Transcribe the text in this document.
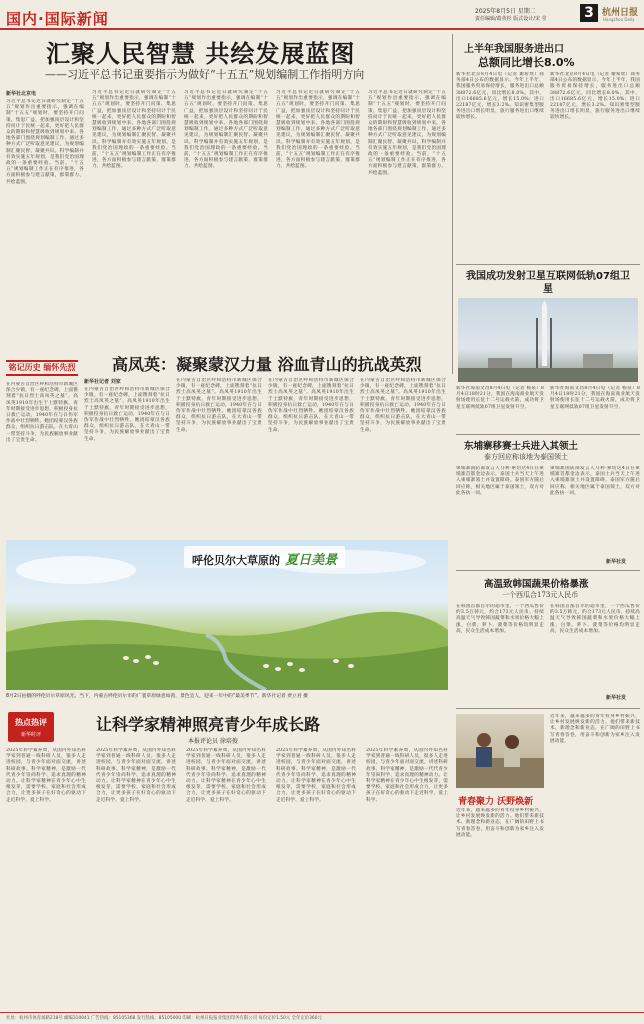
国内·国际新闻	2025年8月5日 星期二
责任编辑/葛英杉 版式设计/宋 莹	3 杭州日报
Hangzhou Daily
汇聚人民智慧 共绘发展蓝图
——习近平总书记重要指示为做好“十五五”规划编制工作指明方向
新华社北京电
习近平总书记近日就研究制定“十五五”规划作出重要指示，强调在编制“十五五”规划时，要坚持开门问策、集思广益，把加强顶层设计和坚持问计于民统一起来，更好把人民群众的期盼和智慧吸收到规划中来。各地各部门围绕规划编制工作，通过多种方式广泛听取意见建议，为规划编制汇聚民智、凝聚共识。科学编制并有效实施五年规划，是我们党治国理政的一条重要经验。当前，“十五五”规划编制工作正在有序推进，各方面积极参与建言献策，群策群力、共绘蓝图。
习近平总书记近日就研究制定“十五五”规划作出重要指示，强调在编制“十五五”规划时，要坚持开门问策、集思广益，把加强顶层设计和坚持问计于民统一起来，更好把人民群众的期盼和智慧吸收到规划中来。各地各部门围绕规划编制工作，通过多种方式广泛听取意见建议，为规划编制汇聚民智、凝聚共识。科学编制并有效实施五年规划，是我们党治国理政的一条重要经验。当前，“十五五”规划编制工作正在有序推进，各方面积极参与建言献策，群策群力、共绘蓝图。
习近平总书记近日就研究制定“十五五”规划作出重要指示，强调在编制“十五五”规划时，要坚持开门问策、集思广益，把加强顶层设计和坚持问计于民统一起来，更好把人民群众的期盼和智慧吸收到规划中来。各地各部门围绕规划编制工作，通过多种方式广泛听取意见建议，为规划编制汇聚民智、凝聚共识。科学编制并有效实施五年规划，是我们党治国理政的一条重要经验。当前，“十五五”规划编制工作正在有序推进，各方面积极参与建言献策，群策群力、共绘蓝图。
习近平总书记近日就研究制定“十五五”规划作出重要指示，强调在编制“十五五”规划时，要坚持开门问策、集思广益，把加强顶层设计和坚持问计于民统一起来，更好把人民群众的期盼和智慧吸收到规划中来。各地各部门围绕规划编制工作，通过多种方式广泛听取意见建议，为规划编制汇聚民智、凝聚共识。科学编制并有效实施五年规划，是我们党治国理政的一条重要经验。当前，“十五五”规划编制工作正在有序推进，各方面积极参与建言献策，群策群力、共绘蓝图。
习近平总书记近日就研究制定“十五五”规划作出重要指示，强调在编制“十五五”规划时，要坚持开门问策、集思广益，把加强顶层设计和坚持问计于民统一起来，更好把人民群众的期盼和智慧吸收到规划中来。各地各部门围绕规划编制工作，通过多种方式广泛听取意见建议，为规划编制汇聚民智、凝聚共识。科学编制并有效实施五年规划，是我们党治国理政的一条重要经验。当前，“十五五”规划编制工作正在有序推进，各方面积极参与建言献策，群策群力、共绘蓝图。
铭记历史 缅怀先烈 高凤英：凝聚蒙汉力量 浴血青山的抗战英烈
在内蒙古自治区呼和浩特市新城区保合少镇，有一座纪念碑，上面镌刻着“抗日烈士高凤英之墓”。高凤英1910年出生于土默特旗，青年时期接受进步思想，积极投身抗日救亡运动，1940年在与日伪军作战中壮烈牺牲。她团结蒙汉各族群众，组织抗日游击队，在大青山一带坚持斗争，为民族解放事业献出了宝贵生命。
新华社记者 刘家
在内蒙古自治区呼和浩特市新城区保合少镇，有一座纪念碑，上面镌刻着“抗日烈士高凤英之墓”。高凤英1910年出生于土默特旗，青年时期接受进步思想，积极投身抗日救亡运动，1940年在与日伪军作战中壮烈牺牲。她团结蒙汉各族群众，组织抗日游击队，在大青山一带坚持斗争，为民族解放事业献出了宝贵生命。
在内蒙古自治区呼和浩特市新城区保合少镇，有一座纪念碑，上面镌刻着“抗日烈士高凤英之墓”。高凤英1910年出生于土默特旗，青年时期接受进步思想，积极投身抗日救亡运动，1940年在与日伪军作战中壮烈牺牲。她团结蒙汉各族群众，组织抗日游击队，在大青山一带坚持斗争，为民族解放事业献出了宝贵生命。
在内蒙古自治区呼和浩特市新城区保合少镇，有一座纪念碑，上面镌刻着“抗日烈士高凤英之墓”。高凤英1910年出生于土默特旗，青年时期接受进步思想，积极投身抗日救亡运动，1940年在与日伪军作战中壮烈牺牲。她团结蒙汉各族群众，组织抗日游击队，在大青山一带坚持斗争，为民族解放事业献出了宝贵生命。
在内蒙古自治区呼和浩特市新城区保合少镇，有一座纪念碑，上面镌刻着“抗日烈士高凤英之墓”。高凤英1910年出生于土默特旗，青年时期接受进步思想，积极投身抗日救亡运动，1940年在与日伪军作战中壮烈牺牲。她团结蒙汉各族群众，组织抗日游击队，在大青山一带坚持斗争，为民族解放事业献出了宝贵生命。
呼伦贝尔大草原的 夏日美景
8月2日拍摄的呼伦贝尔草原风光。当下，内蒙古呼伦贝尔市的广袤草原绿意如茵，景色宜人，迎来一年中的“最美季节”。新华社记者 贾立君 摄
热点热评
新华时评
让科学家精神照亮青少年成长路
本报评论员 徐培俊
2025年科学素养周，从国内外知名科学家到普通一线科研人员，很多人走进校园，与青少年面对面交流，讲述科研故事。科学家精神，是激励一代代青少年崇尚科学、追求真理的精神动力。让科学家精神在青少年心中生根发芽，需要学校、家庭和社会形成合力，让更多孩子在好奇心的驱动下走近科学、爱上科学。
2025年科学素养周，从国内外知名科学家到普通一线科研人员，很多人走进校园，与青少年面对面交流，讲述科研故事。科学家精神，是激励一代代青少年崇尚科学、追求真理的精神动力。让科学家精神在青少年心中生根发芽，需要学校、家庭和社会形成合力，让更多孩子在好奇心的驱动下走近科学、爱上科学。
2025年科学素养周，从国内外知名科学家到普通一线科研人员，很多人走进校园，与青少年面对面交流，讲述科研故事。科学家精神，是激励一代代青少年崇尚科学、追求真理的精神动力。让科学家精神在青少年心中生根发芽，需要学校、家庭和社会形成合力，让更多孩子在好奇心的驱动下走近科学、爱上科学。
2025年科学素养周，从国内外知名科学家到普通一线科研人员，很多人走进校园，与青少年面对面交流，讲述科研故事。科学家精神，是激励一代代青少年崇尚科学、追求真理的精神动力。让科学家精神在青少年心中生根发芽，需要学校、家庭和社会形成合力，让更多孩子在好奇心的驱动下走近科学、爱上科学。
2025年科学素养周，从国内外知名科学家到普通一线科研人员，很多人走进校园，与青少年面对面交流，讲述科研故事。科学家精神，是激励一代代青少年崇尚科学、追求真理的精神动力。让科学家精神在青少年心中生根发芽，需要学校、家庭和社会形成合力，让更多孩子在好奇心的驱动下走近科学、爱上科学。
上半年我国服务进出口
总额同比增长8.0%
新华社北京8月4日电（记者 谢希瑶）商务部4日公布的数据显示，今年上半年，我国服务贸易保持增长，服务进出口总额38872.6亿元，同比增长8.0%。其中，出口16685.6亿元，增长15.0%；进口22187亿元，增长3.2%。知识密集型服务进出口增长明显，旅行服务进出口继续较快增长。
新华社北京8月4日电（记者 谢希瑶）商务部4日公布的数据显示，今年上半年，我国服务贸易保持增长，服务进出口总额38872.6亿元，同比增长8.0%。其中，出口16685.6亿元，增长15.0%；进口22187亿元，增长3.2%。知识密集型服务进出口增长明显，旅行服务进出口继续较快增长。
我国成功发射卫星互联网低轨07组卫星
新华社海南文昌8月4日电（记者 杨泉）8月4日18时21分，我国在海南商业航天发射场使用长征十二号运载火箭，成功将卫星互联网低轨07组卫星发射升空。
新华社海南文昌8月4日电（记者 杨泉）8月4日18时21分，我国在海南商业航天发射场使用长征十二号运载火箭，成功将卫星互联网低轨07组卫星发射升空。
东埔寨移赛士兵进入其领土
泰方回应称该地为泰国领土
柬埔寨国防部发言人马利·索切达4日在柬埔寨首都金边表示，泰国士兵当天上午进入柬埔寨领土并设置障碍。泰国军方随后回应称，相关地区属于泰国领土，双方对此各执一词。
柬埔寨国防部发言人马利·索切达4日在柬埔寨首都金边表示，泰国士兵当天上午进入柬埔寨领土并设置障碍。泰国军方随后回应称，相关地区属于泰国领土，双方对此各执一词。
新华社发
高温致韩国蔬果价格暴涨
一个西瓜合173元人民币
在韩国首都首尔的超市里，一个西瓜售价约3.5万韩元，约合173元人民币。持续高温天气导致韩国蔬菜和水果价格大幅上涨，白菜、萝卜、菠菜等价格均明显走高，民众生活成本增加。
在韩国首都首尔的超市里，一个西瓜售价约3.5万韩元，约合173元人民币。持续高温天气导致韩国蔬菜和水果价格大幅上涨，白菜、萝卜、菠菜等价格均明显走高，民众生活成本增加。
新华社发
青春聚力 沃野焕新
近年来，越来越多的青年投身乡村振兴，让乡村发展焕发新的活力。他们带来新技术、新理念和新业态，在广阔的田野上书写青春答卷，用奋斗和创新为家乡注入发展动能。
近年来，越来越多的青年投身乡村振兴，让乡村发展焕发新的活力。他们带来新技术、新理念和新业态，在广阔的田野上书写青春答卷，用奋斗和创新为家乡注入发展动能。
社址：杭州市体育场路218号 邮编310041 广告热线：85105368 发行热线：85105000 印刷：杭州日报报业集团印务有限公司 每份定价1.50元 全年定价360元
